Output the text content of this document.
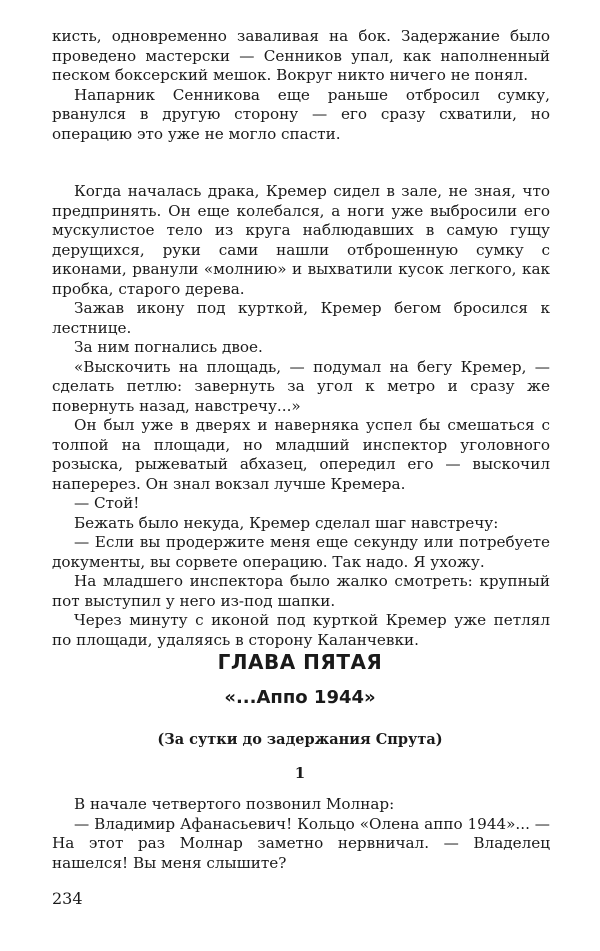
кисть, одновременно заваливая на бок. Задержание было проведено мастерски — Сенников упал, как наполненный песком боксерский мешок. Вокруг никто ничего не понял.

Напарник Сенникова еще раньше отбросил сумку, рванулся в другую сторону — его сразу схватили, но операцию это уже не могло спасти.

Когда началась драка, Кремер сидел в зале, не зная, что предпринять. Он еще колебался, а ноги уже выбросили его мускулистое тело из круга наблюдавших в самую гущу дерущихся, руки сами нашли отброшенную сумку с иконами, рванули «молнию» и выхватили кусок легкого, как пробка, старого дерева.

Зажав икону под курткой, Кремер бегом бросился к лестнице.

За ним погнались двое.

«Выскочить на площадь, — подумал на бегу Кремер, — сделать петлю: завернуть за угол к метро и сразу же повернуть назад, навстречу...»

Он был уже в дверях и наверняка успел бы смешаться с толпой на площади, но младший инспектор уголовного розыска, рыжеватый абхазец, опередил его — выскочил наперерез. Он знал вокзал лучше Кремера.

— Стой!

Бежать было некуда, Кремер сделал шаг навстречу:

— Если вы продержите меня еще секунду или потребуете документы, вы сорвете операцию. Так надо. Я ухожу.

На младшего инспектора было жалко смотреть: крупный пот выступил у него из-под шапки.

Через минуту с иконой под курткой Кремер уже петлял по площади, удаляясь в сторону Каланчевки.

ГЛАВА ПЯТАЯ
«...Аппо 1944»
(За сутки до задержания Спрута)
1

В начале четвертого позвонил Молнар:

— Владимир Афанасьевич! Кольцо «Олена аппо 1944»... — На этот раз Молнар заметно нервничал. — Владелец нашелся! Вы меня слышите?

234
